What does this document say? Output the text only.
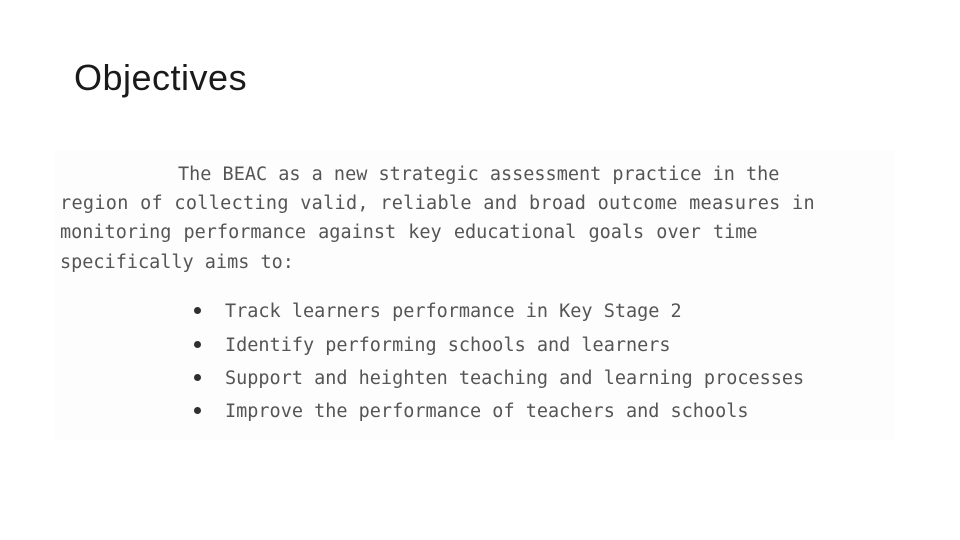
Objectives
The BEAC as a new strategic assessment practice in the
region of collecting valid, reliable and broad outcome measures in
monitoring performance against key educational goals over time
specifically aims to:
Track learners performance in Key Stage 2
Identify performing schools and learners
Support and heighten teaching and learning processes
Improve the performance of teachers and schools
